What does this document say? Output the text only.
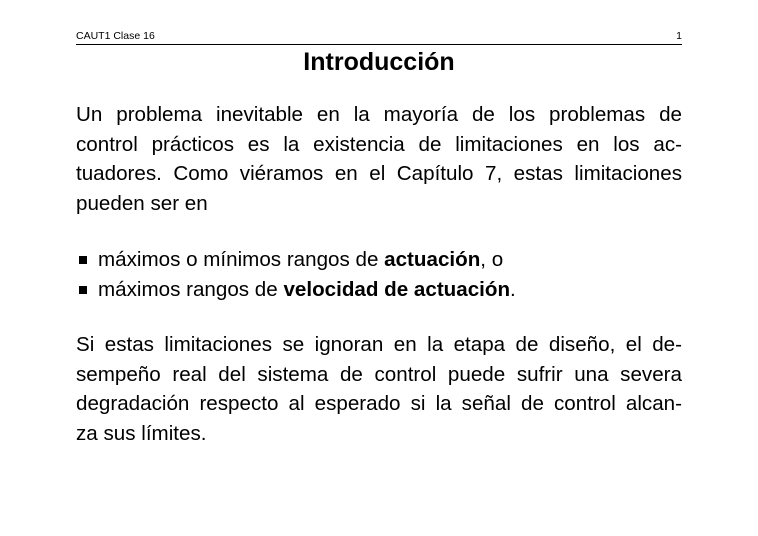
CAUT1 Clase 16	1
Introducción
Un problema inevitable en la mayoría de los problemas de
control prácticos es la existencia de limitaciones en los ac-
tuadores. Como viéramos en el Capítulo 7, estas limitaciones
pueden ser en
máximos o mínimos rangos de actuación, o
máximos rangos de velocidad de actuación.
Si estas limitaciones se ignoran en la etapa de diseño, el de-
sempeño real del sistema de control puede sufrir una severa
degradación respecto al esperado si la señal de control alcan-
za sus límites.
